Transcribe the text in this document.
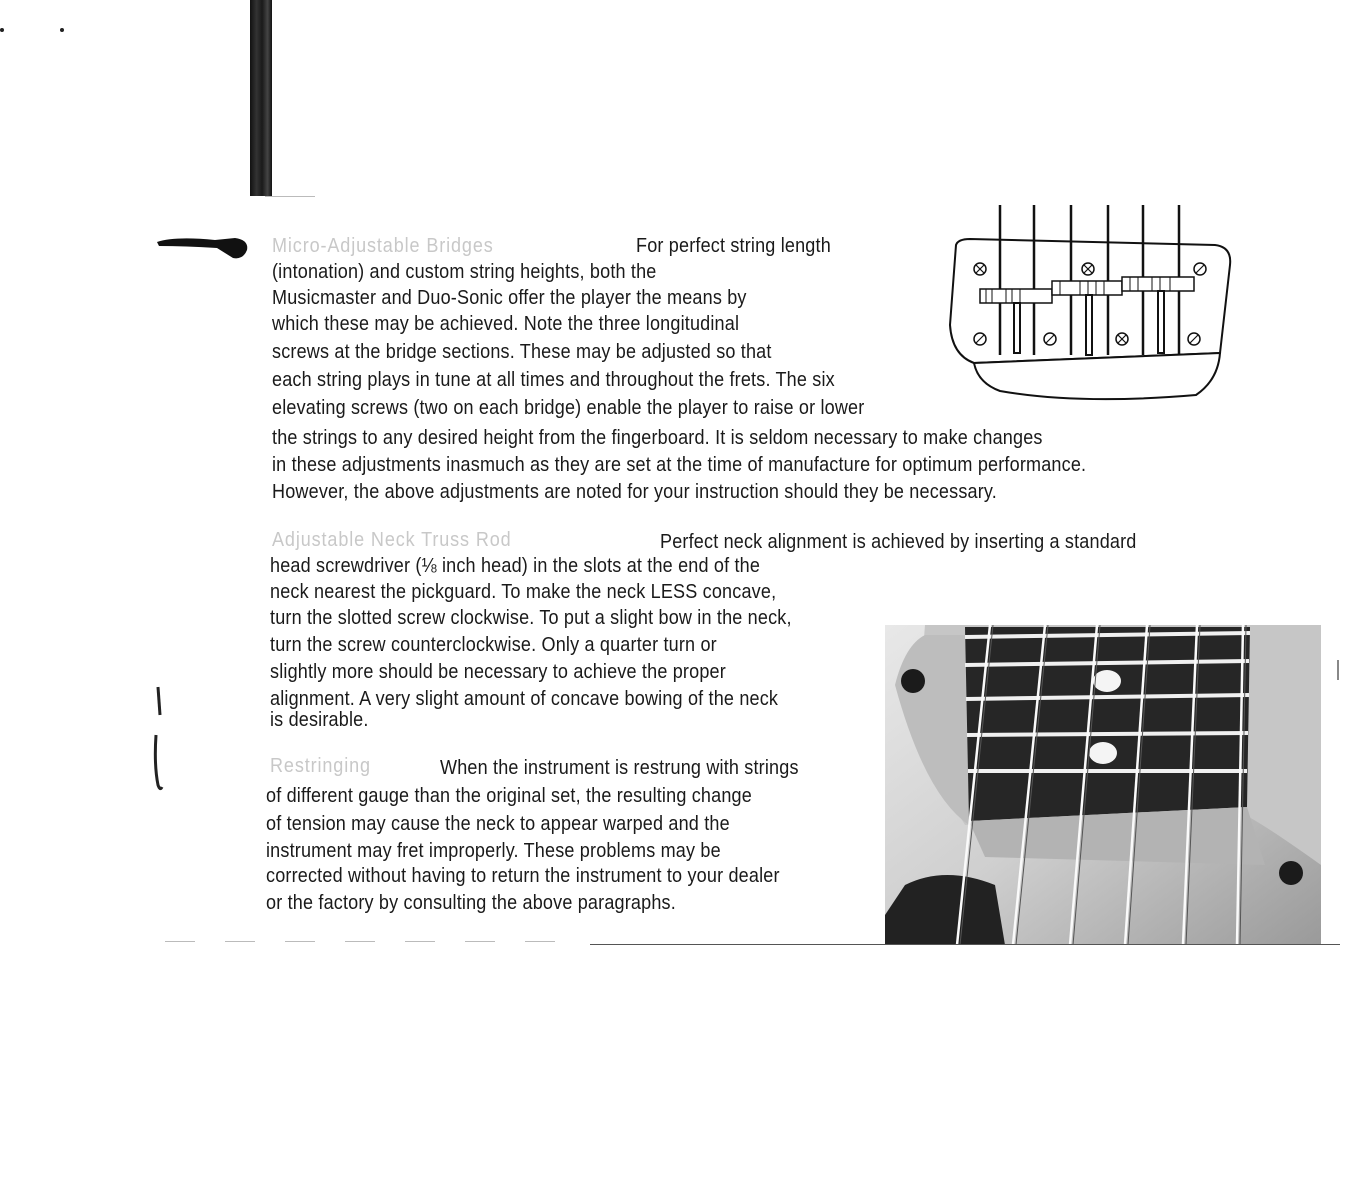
Micro-Adjustable Bridges	For perfect string length
(intonation) and custom string heights, both the
Musicmaster and Duo-Sonic offer the player the means by
which these may be achieved. Note the three longitudinal
screws at the bridge sections. These may be adjusted so that
each string plays in tune at all times and throughout the frets. The six
elevating screws (two on each bridge) enable the player to raise or lower
the strings to any desired height from the fingerboard. It is seldom necessary to make changes
in these adjustments inasmuch as they are set at the time of manufacture for optimum performance.
However, the above adjustments are noted for your instruction should they be necessary.
Adjustable Neck Truss Rod	Perfect neck alignment is achieved by inserting a standard
head screwdriver (⅛ inch head) in the slots at the end of the
neck nearest the pickguard. To make the neck LESS concave,
turn the slotted screw clockwise. To put a slight bow in the neck,
turn the screw counterclockwise. Only a quarter turn or
slightly more should be necessary to achieve the proper
alignment. A very slight amount of concave bowing of the neck
is desirable.
Restringing	When the instrument is restrung with strings
of different gauge than the original set, the resulting change
of tension may cause the neck to appear warped and the
instrument may fret improperly. These problems may be
corrected without having to return the instrument to your dealer
or the factory by consulting the above paragraphs.
